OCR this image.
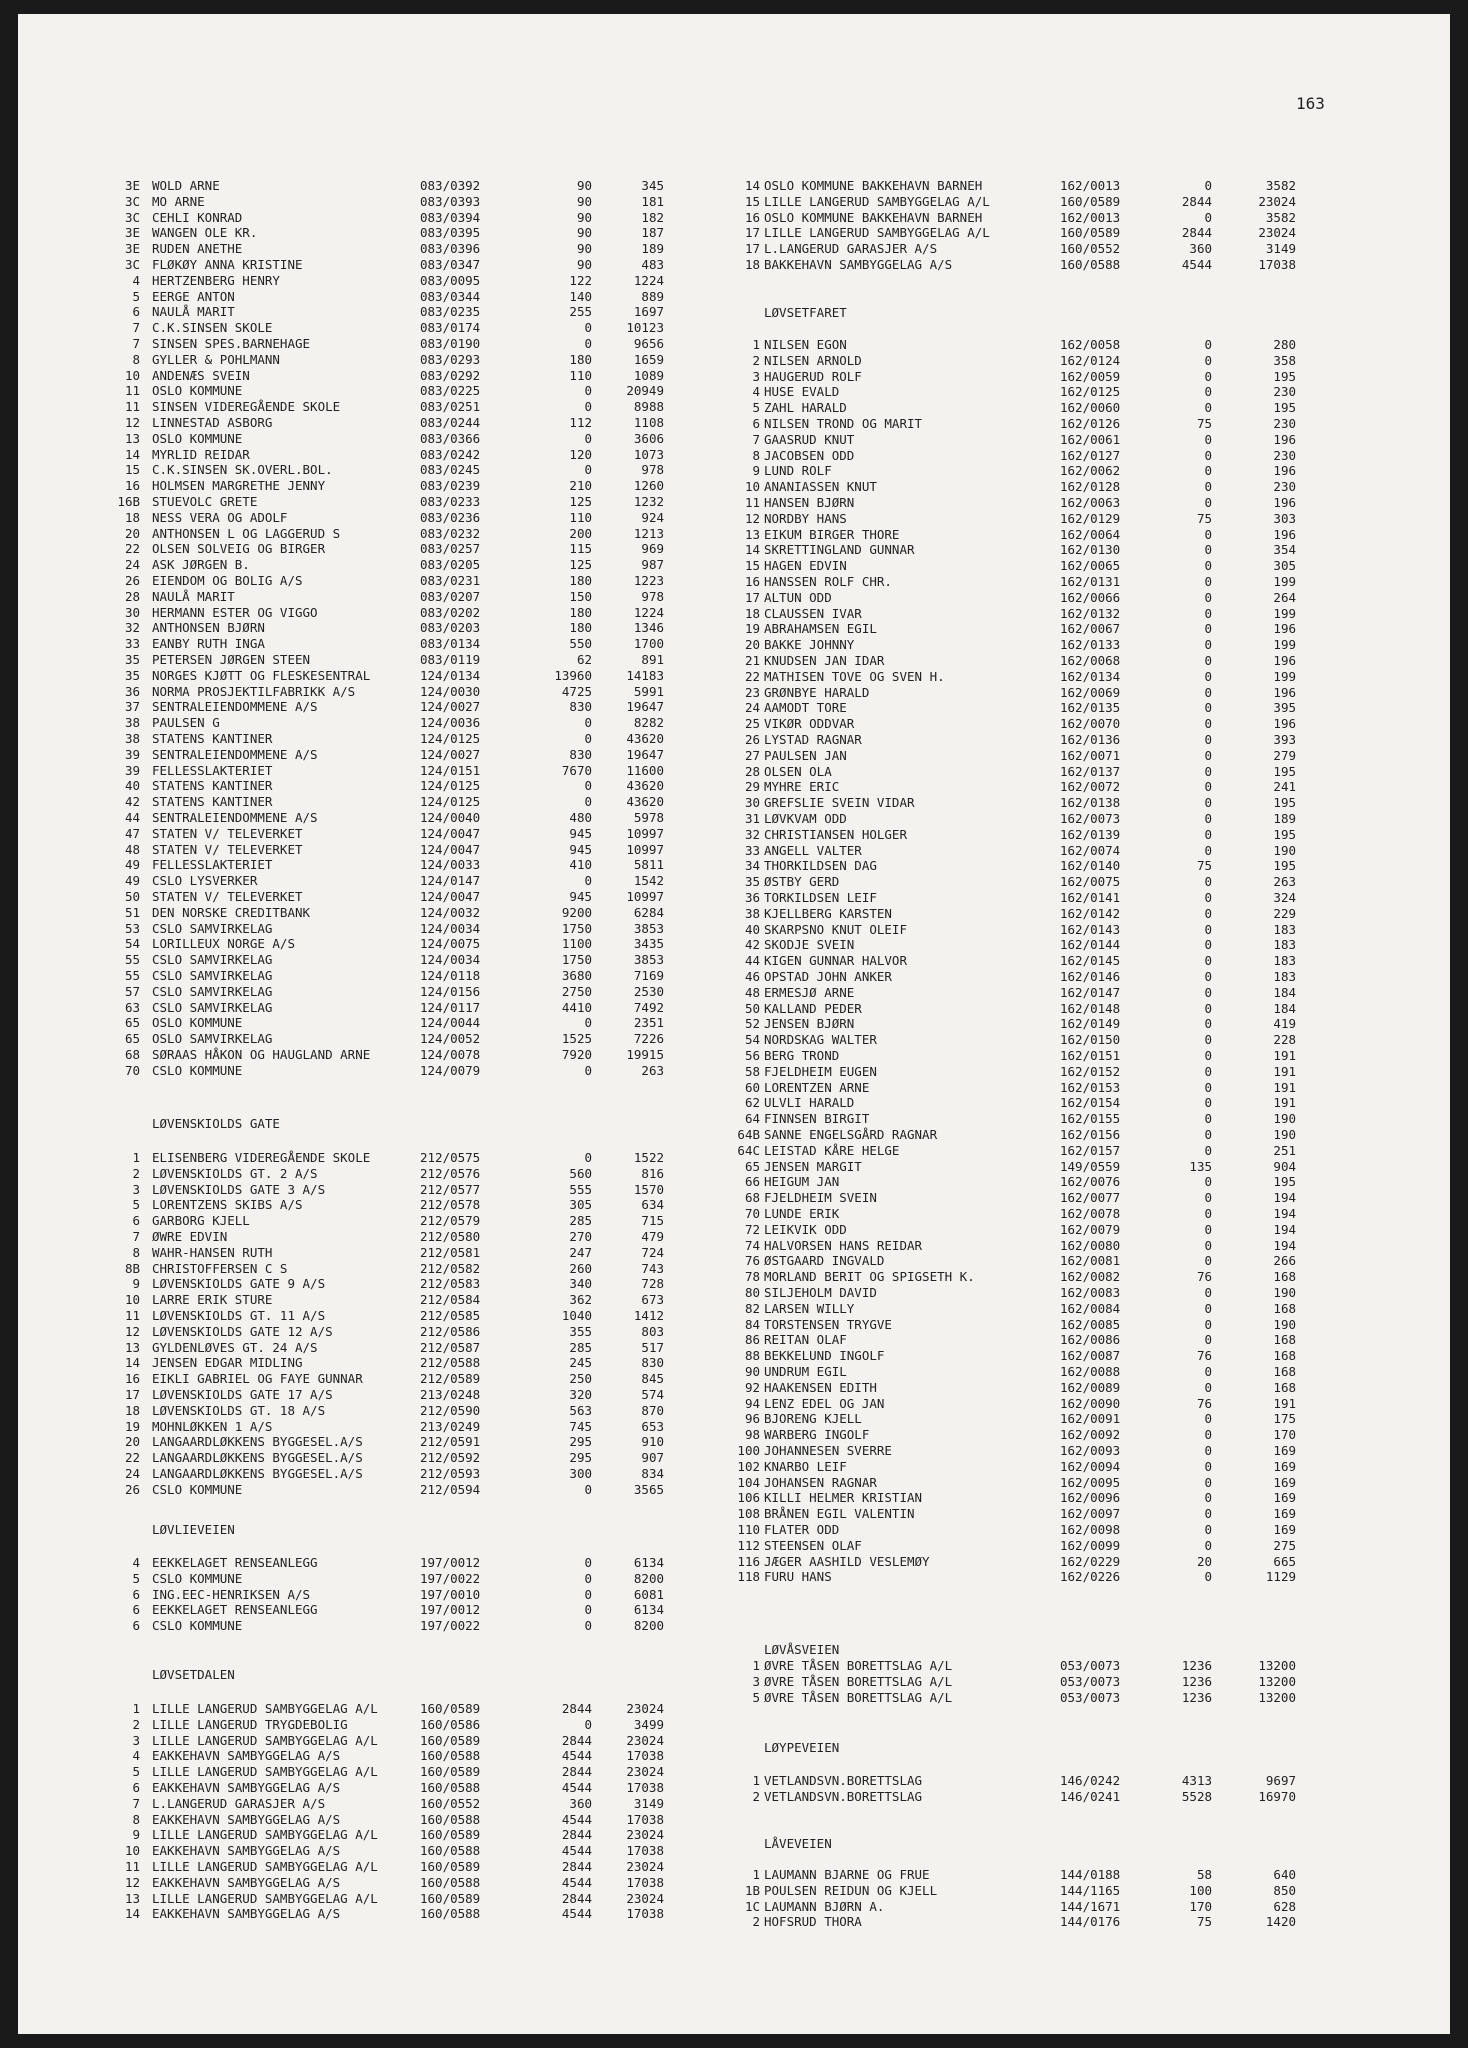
163
3E WOLD ARNE	083/0392	90	345
3C MO ARNE	083/0393	90	181
3C CEHLI KONRAD	083/0394	90	182
3E WANGEN OLE KR.	083/0395	90	187
3E RUDEN ANETHE	083/0396	90	189
3C FLØKØY ANNA KRISTINE	083/0347	90	483
4 HERTZENBERG HENRY	083/0095	122	1224
5 EERGE ANTON	083/0344	140	889
6 NAULÅ MARIT	083/0235	255	1697
7 C.K.SINSEN SKOLE	083/0174	0	10123
7 SINSEN SPES.BARNEHAGE	083/0190	0	9656
8 GYLLER & POHLMANN	083/0293	180	1659
10 ANDENÆS SVEIN	083/0292	110	1089
11 OSLO KOMMUNE	083/0225	0	20949
11 SINSEN VIDEREGÅENDE SKOLE	083/0251	0	8988
12 LINNESTAD ASBORG	083/0244	112	1108
13 OSLO KOMMUNE	083/0366	0	3606
14 MYRLID REIDAR	083/0242	120	1073
15 C.K.SINSEN SK.OVERL.BOL.	083/0245	0	978
16 HOLMSEN MARGRETHE JENNY	083/0239	210	1260
16B STUEVOLC GRETE	083/0233	125	1232
18 NESS VERA OG ADOLF	083/0236	110	924
20 ANTHONSEN L OG LAGGERUD S	083/0232	200	1213
22 OLSEN SOLVEIG OG BIRGER	083/0257	115	969
24 ASK JØRGEN B.	083/0205	125	987
26 EIENDOM OG BOLIG A/S	083/0231	180	1223
28 NAULÅ MARIT	083/0207	150	978
30 HERMANN ESTER OG VIGGO	083/0202	180	1224
32 ANTHONSEN BJØRN	083/0203	180	1346
33 EANBY RUTH INGA	083/0134	550	1700
35 PETERSEN JØRGEN STEEN	083/0119	62	891
35 NORGES KJØTT OG FLESKESENTRAL	124/0134	13960	14183
36 NORMA PROSJEKTILFABRIKK A/S	124/0030	4725	5991
37 SENTRALEIENDOMMENE A/S	124/0027	830	19647
38 PAULSEN G	124/0036	0	8282
38 STATENS KANTINER	124/0125	0	43620
39 SENTRALEIENDOMMENE A/S	124/0027	830	19647
39 FELLESSLAKTERIET	124/0151	7670	11600
40 STATENS KANTINER	124/0125	0	43620
42 STATENS KANTINER	124/0125	0	43620
44 SENTRALEIENDOMMENE A/S	124/0040	480	5978
47 STATEN V/ TELEVERKET	124/0047	945	10997
48 STATEN V/ TELEVERKET	124/0047	945	10997
49 FELLESSLAKTERIET	124/0033	410	5811
49 CSLO LYSVERKER	124/0147	0	1542
50 STATEN V/ TELEVERKET	124/0047	945	10997
51 DEN NORSKE CREDITBANK	124/0032	9200	6284
53 CSLO SAMVIRKELAG	124/0034	1750	3853
54 LORILLEUX NORGE A/S	124/0075	1100	3435
55 CSLO SAMVIRKELAG	124/0034	1750	3853
55 CSLO SAMVIRKELAG	124/0118	3680	7169
57 CSLO SAMVIRKELAG	124/0156	2750	2530
63 CSLO SAMVIRKELAG	124/0117	4410	7492
65 OSLO KOMMUNE	124/0044	0	2351
65 OSLO SAMVIRKELAG	124/0052	1525	7226
68 SØRAAS HÅKON OG HAUGLAND ARNE	124/0078	7920	19915
70 CSLO KOMMUNE	124/0079	0	263
LØVENSKIOLDS GATE
1 ELISENBERG VIDEREGÅENDE SKOLE	212/0575	0	1522
2 LØVENSKIOLDS GT. 2 A/S	212/0576	560	816
3 LØVENSKIOLDS GATE 3 A/S	212/0577	555	1570
5 LORENTZENS SKIBS A/S	212/0578	305	634
6 GARBORG KJELL	212/0579	285	715
7 ØWRE EDVIN	212/0580	270	479
8 WAHR-HANSEN RUTH	212/0581	247	724
8B CHRISTOFFERSEN C S	212/0582	260	743
9 LØVENSKIOLDS GATE 9 A/S	212/0583	340	728
10 LARRE ERIK STURE	212/0584	362	673
11 LØVENSKIOLDS GT. 11 A/S	212/0585	1040	1412
12 LØVENSKIOLDS GATE 12 A/S	212/0586	355	803
13 GYLDENLØVES GT. 24 A/S	212/0587	285	517
14 JENSEN EDGAR MIDLING	212/0588	245	830
16 EIKLI GABRIEL OG FAYE GUNNAR	212/0589	250	845
17 LØVENSKIOLDS GATE 17 A/S	213/0248	320	574
18 LØVENSKIOLDS GT. 18 A/S	212/0590	563	870
19 MOHNLØKKEN 1 A/S	213/0249	745	653
20 LANGAARDLØKKENS BYGGESEL.A/S	212/0591	295	910
22 LANGAARDLØKKENS BYGGESEL.A/S	212/0592	295	907
24 LANGAARDLØKKENS BYGGESEL.A/S	212/0593	300	834
26 CSLO KOMMUNE	212/0594	0	3565
LØVLIEVEIEN
4 EEKKELAGET RENSEANLEGG	197/0012	0	6134
5 CSLO KOMMUNE	197/0022	0	8200
6 ING.EEC-HENRIKSEN A/S	197/0010	0	6081
6 EEKKELAGET RENSEANLEGG	197/0012	0	6134
6 CSLO KOMMUNE	197/0022	0	8200
LØVSETDALEN
1 LILLE LANGERUD SAMBYGGELAG A/L	160/0589	2844	23024
2 LILLE LANGERUD TRYGDEBOLIG	160/0586	0	3499
3 LILLE LANGERUD SAMBYGGELAG A/L	160/0589	2844	23024
4 EAKKEHAVN SAMBYGGELAG A/S	160/0588	4544	17038
5 LILLE LANGERUD SAMBYGGELAG A/L	160/0589	2844	23024
6 EAKKEHAVN SAMBYGGELAG A/S	160/0588	4544	17038
7 L.LANGERUD GARASJER A/S	160/0552	360	3149
8 EAKKEHAVN SAMBYGGELAG A/S	160/0588	4544	17038
9 LILLE LANGERUD SAMBYGGELAG A/L	160/0589	2844	23024
10 EAKKEHAVN SAMBYGGELAG A/S	160/0588	4544	17038
11 LILLE LANGERUD SAMBYGGELAG A/L	160/0589	2844	23024
12 EAKKEHAVN SAMBYGGELAG A/S	160/0588	4544	17038
13 LILLE LANGERUD SAMBYGGELAG A/L	160/0589	2844	23024
14 EAKKEHAVN SAMBYGGELAG A/S	160/0588	4544	17038
14 OSLO KOMMUNE BAKKEHAVN BARNEH	162/0013	0	3582
15 LILLE LANGERUD SAMBYGGELAG A/L	160/0589	2844	23024
16 OSLO KOMMUNE BAKKEHAVN BARNEH	162/0013	0	3582
17 LILLE LANGERUD SAMBYGGELAG A/L	160/0589	2844	23024
17 L.LANGERUD GARASJER A/S	160/0552	360	3149
18 BAKKEHAVN SAMBYGGELAG A/S	160/0588	4544	17038
LØVSETFARET
1 NILSEN EGON	162/0058	0	280
2 NILSEN ARNOLD	162/0124	0	358
3 HAUGERUD ROLF	162/0059	0	195
4 HUSE EVALD	162/0125	0	230
5 ZAHL HARALD	162/0060	0	195
6 NILSEN TROND OG MARIT	162/0126	75	230
7 GAASRUD KNUT	162/0061	0	196
8 JACOBSEN ODD	162/0127	0	230
9 LUND ROLF	162/0062	0	196
10 ANANIASSEN KNUT	162/0128	0	230
11 HANSEN BJØRN	162/0063	0	196
12 NORDBY HANS	162/0129	75	303
13 EIKUM BIRGER THORE	162/0064	0	196
14 SKRETTINGLAND GUNNAR	162/0130	0	354
15 HAGEN EDVIN	162/0065	0	305
16 HANSSEN ROLF CHR.	162/0131	0	199
17 ALTUN ODD	162/0066	0	264
18 CLAUSSEN IVAR	162/0132	0	199
19 ABRAHAMSEN EGIL	162/0067	0	196
20 BAKKE JOHNNY	162/0133	0	199
21 KNUDSEN JAN IDAR	162/0068	0	196
22 MATHISEN TOVE OG SVEN H.	162/0134	0	199
23 GRØNBYE HARALD	162/0069	0	196
24 AAMODT TORE	162/0135	0	395
25 VIKØR ODDVAR	162/0070	0	196
26 LYSTAD RAGNAR	162/0136	0	393
27 PAULSEN JAN	162/0071	0	279
28 OLSEN OLA	162/0137	0	195
29 MYHRE ERIC	162/0072	0	241
30 GREFSLIE SVEIN VIDAR	162/0138	0	195
31 LØVKVAM ODD	162/0073	0	189
32 CHRISTIANSEN HOLGER	162/0139	0	195
33 ANGELL VALTER	162/0074	0	190
34 THORKILDSEN DAG	162/0140	75	195
35 ØSTBY GERD	162/0075	0	263
36 TORKILDSEN LEIF	162/0141	0	324
38 KJELLBERG KARSTEN	162/0142	0	229
40 SKARPSNO KNUT OLEIF	162/0143	0	183
42 SKODJE SVEIN	162/0144	0	183
44 KIGEN GUNNAR HALVOR	162/0145	0	183
46 OPSTAD JOHN ANKER	162/0146	0	183
48 ERMESJØ ARNE	162/0147	0	184
50 KALLAND PEDER	162/0148	0	184
52 JENSEN BJØRN	162/0149	0	419
54 NORDSKAG WALTER	162/0150	0	228
56 BERG TROND	162/0151	0	191
58 FJELDHEIM EUGEN	162/0152	0	191
60 LORENTZEN ARNE	162/0153	0	191
62 ULVLI HARALD	162/0154	0	191
64 FINNSEN BIRGIT	162/0155	0	190
64B SANNE ENGELSGÅRD RAGNAR	162/0156	0	190
64C LEISTAD KÅRE HELGE	162/0157	0	251
65 JENSEN MARGIT	149/0559	135	904
66 HEIGUM JAN	162/0076	0	195
68 FJELDHEIM SVEIN	162/0077	0	194
70 LUNDE ERIK	162/0078	0	194
72 LEIKVIK ODD	162/0079	0	194
74 HALVORSEN HANS REIDAR	162/0080	0	194
76 ØSTGAARD INGVALD	162/0081	0	266
78 MORLAND BERIT OG SPIGSETH K.	162/0082	76	168
80 SILJEHOLM DAVID	162/0083	0	190
82 LARSEN WILLY	162/0084	0	168
84 TORSTENSEN TRYGVE	162/0085	0	190
86 REITAN OLAF	162/0086	0	168
88 BEKKELUND INGOLF	162/0087	76	168
90 UNDRUM EGIL	162/0088	0	168
92 HAAKENSEN EDITH	162/0089	0	168
94 LENZ EDEL OG JAN	162/0090	76	191
96 BJORENG KJELL	162/0091	0	175
98 WARBERG INGOLF	162/0092	0	170
100 JOHANNESEN SVERRE	162/0093	0	169
102 KNARBO LEIF	162/0094	0	169
104 JOHANSEN RAGNAR	162/0095	0	169
106 KILLI HELMER KRISTIAN	162/0096	0	169
108 BRÅNEN EGIL VALENTIN	162/0097	0	169
110 FLATER ODD	162/0098	0	169
112 STEENSEN OLAF	162/0099	0	275
116 JÆGER AASHILD VESLEMØY	162/0229	20	665
118 FURU HANS	162/0226	0	1129
LØVÅSVEIEN
1 ØVRE TÅSEN BORETTSLAG A/L	053/0073	1236	13200
3 ØVRE TÅSEN BORETTSLAG A/L	053/0073	1236	13200
5 ØVRE TÅSEN BORETTSLAG A/L	053/0073	1236	13200
LØYPEVEIEN
1 VETLANDSVN.BORETTSLAG	146/0242	4313	9697
2 VETLANDSVN.BORETTSLAG	146/0241	5528	16970
LÅVEVEIEN
1 LAUMANN BJARNE OG FRUE	144/0188	58	640
1B POULSEN REIDUN OG KJELL	144/1165	100	850
1C LAUMANN BJØRN A.	144/1671	170	628
2 HOFSRUD THORA	144/0176	75	1420
